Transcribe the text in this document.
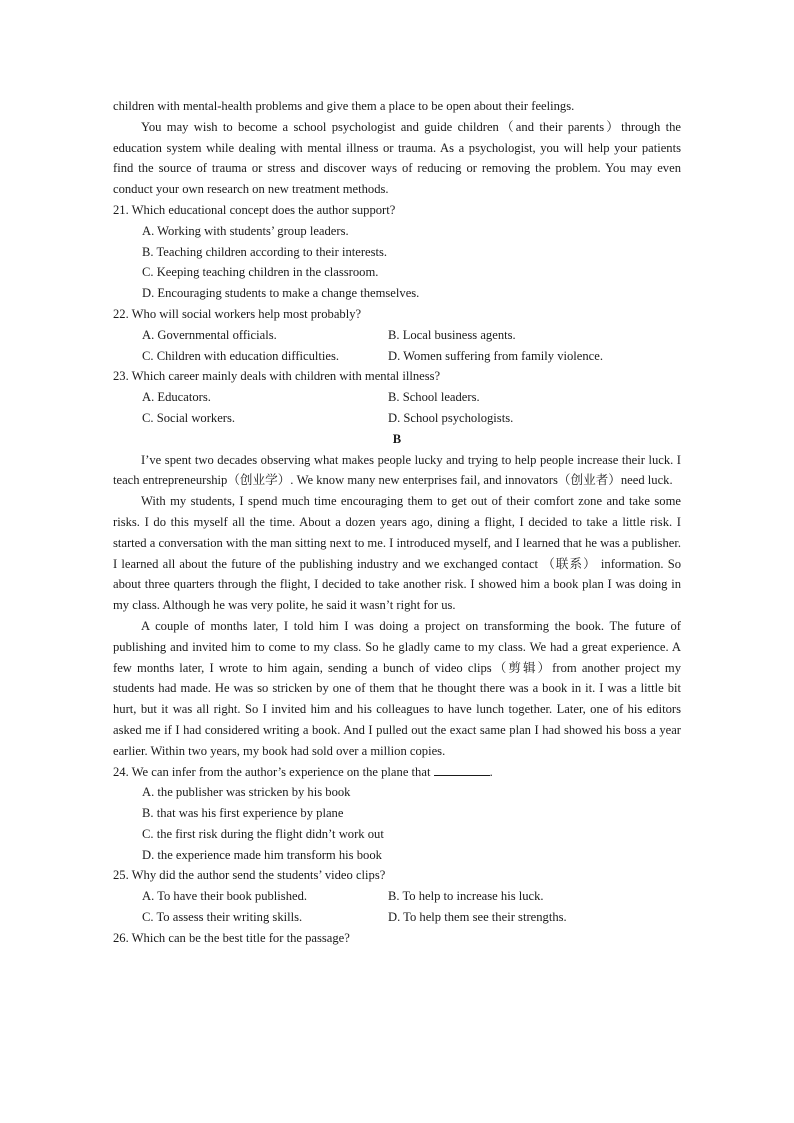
children with mental-health problems and give them a place to be open about their feelings.

You may wish to become a school psychologist and guide children（and their parents）through the education system while dealing with mental illness or trauma. As a psychologist, you will help your patients find the source of trauma or stress and discover ways of reducing or removing the problem. You may even conduct your own research on new treatment methods.

21. Which educational concept does the author support?

A. Working with students’ group leaders.

B. Teaching children according to their interests.

C. Keeping teaching children in the classroom.

D. Encouraging students to make a change themselves.

22. Who will social workers help most probably?

A. Governmental officials.	B. Local business agents.
C. Children with education difficulties.	D. Women suffering from family violence.

23. Which career mainly deals with children with mental illness?

A. Educators.	B. School leaders.
C. Social workers.	D. School psychologists.

B

I’ve spent two decades observing what makes people lucky and trying to help people increase their luck. I teach entrepreneurship（创业学）. We know many new enterprises fail, and innovators（创业者）need luck.

With my students, I spend much time encouraging them to get out of their comfort zone and take some risks. I do this myself all the time. About a dozen years ago, dining a flight, I decided to take a little risk. I started a conversation with the man sitting next to me. I introduced myself, and I learned that he was a publisher. I learned all about the future of the publishing industry and we exchanged contact （联系） information. So about three quarters through the flight, I decided to take another risk. I showed him a book plan I was doing in my class. Although he was very polite, he said it wasn’t right for us.

A couple of months later, I told him I was doing a project on transforming the book. The future of publishing and invited him to come to my class. So he gladly came to my class. We had a great experience. A few months later, I wrote to him again, sending a bunch of video clips（剪辑）from another project my students had made. He was so stricken by one of them that he thought there was a book in it. I was a little bit hurt, but it was all right. So I invited him and his colleagues to have lunch together. Later, one of his editors asked me if I had considered writing a book. And I pulled out the exact same plan I had showed his boss a year earlier. Within two years, my book had sold over a million copies.

24. We can infer from the author’s experience on the plane that	.

A. the publisher was stricken by his book

B. that was his first experience by plane

C. the first risk during the flight didn’t work out

D. the experience made him transform his book

25. Why did the author send the students’ video clips?

A. To have their book published.	B. To help to increase his luck.
C. To assess their writing skills.	D. To help them see their strengths.

26. Which can be the best title for the passage?
